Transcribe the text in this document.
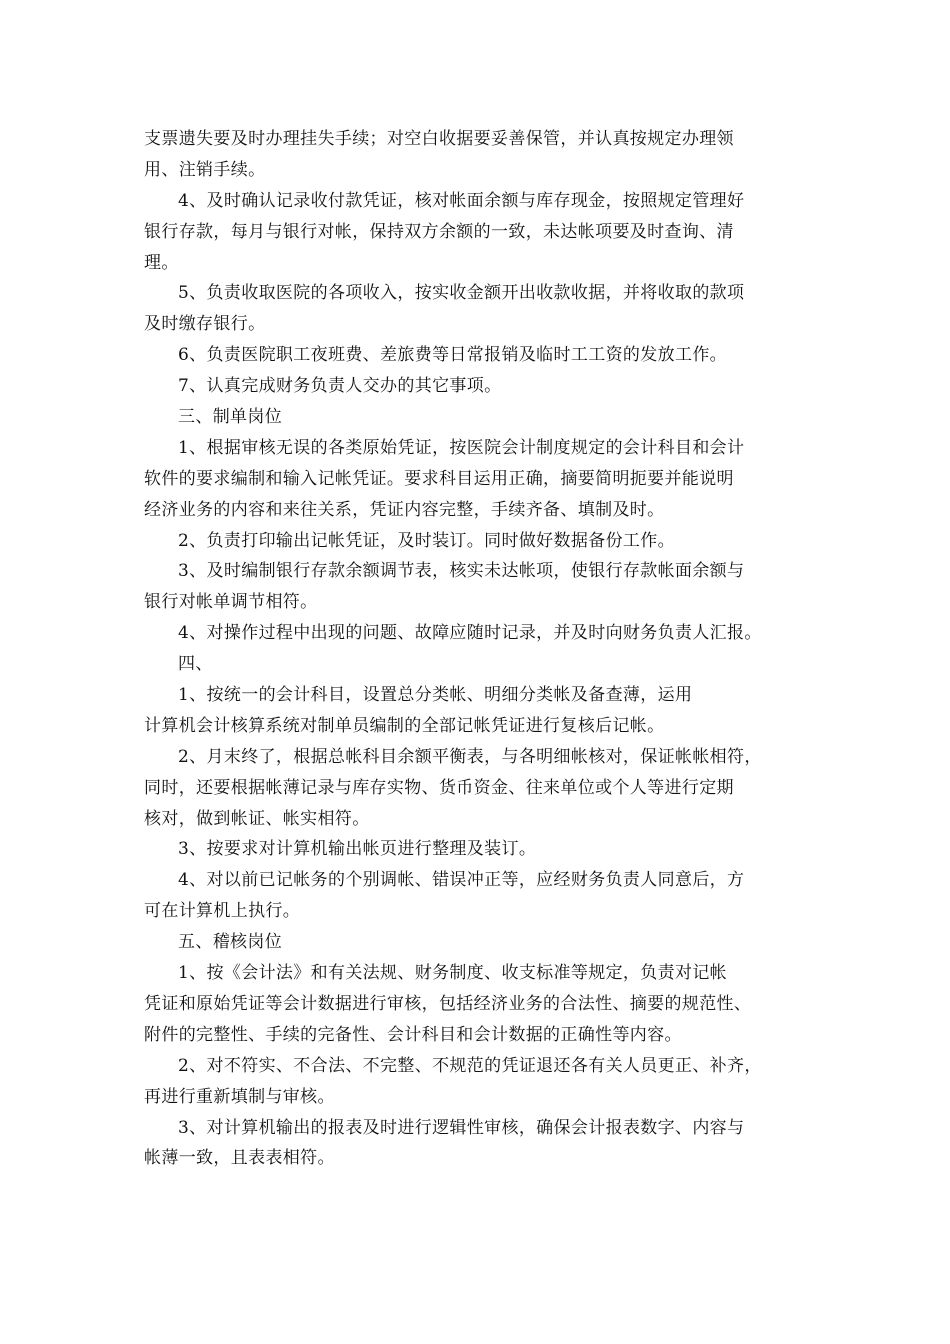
支票遗失要及时办理挂失手续；对空白收据要妥善保管，并认真按规定办理领
用、注销手续。
4、及时确认记录收付款凭证，核对帐面余额与库存现金，按照规定管理好
银行存款，每月与银行对帐，保持双方余额的一致，未达帐项要及时查询、清
理。
5、负责收取医院的各项收入，按实收金额开出收款收据，并将收取的款项
及时缴存银行。
6、负责医院职工夜班费、差旅费等日常报销及临时工工资的发放工作。
7、认真完成财务负责人交办的其它事项。
三、制单岗位
1、根据审核无误的各类原始凭证，按医院会计制度规定的会计科目和会计
软件的要求编制和输入记帐凭证。要求科目运用正确，摘要简明扼要并能说明
经济业务的内容和来往关系，凭证内容完整，手续齐备、填制及时。
2、负责打印输出记帐凭证，及时装订。同时做好数据备份工作。
3、及时编制银行存款余额调节表，核实未达帐项，使银行存款帐面余额与
银行对帐单调节相符。
4、对操作过程中出现的问题、故障应随时记录，并及时向财务负责人汇报。
四、
1、按统一的会计科目，设置总分类帐、明细分类帐及备查薄，运用
计算机会计核算系统对制单员编制的全部记帐凭证进行复核后记帐。
2、月末终了，根据总帐科目余额平衡表，与各明细帐核对，保证帐帐相符，
同时，还要根据帐薄记录与库存实物、货币资金、往来单位或个人等进行定期
核对，做到帐证、帐实相符。
3、按要求对计算机输出帐页进行整理及装订。
4、对以前已记帐务的个别调帐、错误冲正等，应经财务负责人同意后，方
可在计算机上执行。
五、稽核岗位
1、按《会计法》和有关法规、财务制度、收支标准等规定，负责对记帐
凭证和原始凭证等会计数据进行审核，包括经济业务的合法性、摘要的规范性、
附件的完整性、手续的完备性、会计科目和会计数据的正确性等内容。
2、对不符实、不合法、不完整、不规范的凭证退还各有关人员更正、补齐，
再进行重新填制与审核。
3、对计算机输出的报表及时进行逻辑性审核，确保会计报表数字、内容与
帐薄一致，且表表相符。
